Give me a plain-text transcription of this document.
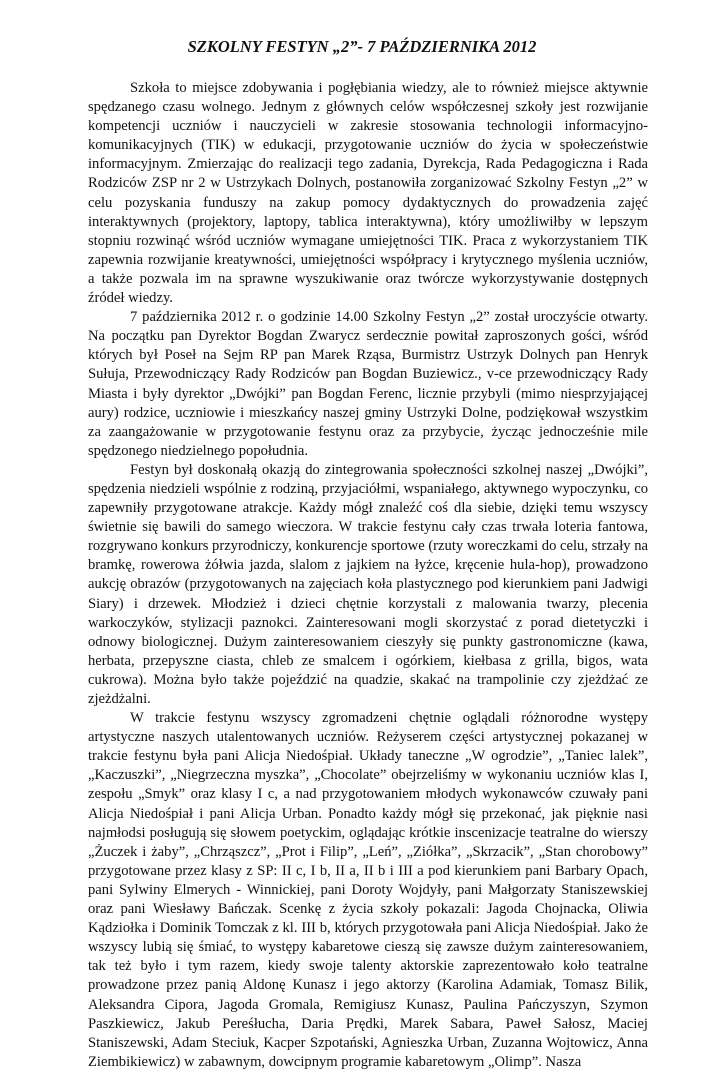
SZKOLNY FESTYN „2”- 7 PAŹDZIERNIKA 2012

Szkoła to miejsce zdobywania i pogłębiania wiedzy, ale to również miejsce aktywnie spędzanego czasu wolnego. Jednym z głównych celów współczesnej szkoły jest rozwijanie kompetencji uczniów i nauczycieli w zakresie stosowania technologii informacyjno-komunikacyjnych (TIK) w edukacji, przygotowanie uczniów do życia w społeczeństwie informacyjnym. Zmierzając do realizacji tego zadania, Dyrekcja, Rada Pedagogiczna i Rada Rodziców ZSP nr 2 w Ustrzykach Dolnych, postanowiła zorganizować Szkolny Festyn „2” w celu pozyskania funduszy na zakup pomocy dydaktycznych do prowadzenia zajęć interaktywnych (projektory, laptopy, tablica interaktywna), który umożliwiłby w lepszym stopniu rozwinąć wśród uczniów wymagane umiejętności TIK. Praca z wykorzystaniem TIK zapewnia rozwijanie kreatywności, umiejętności współpracy i krytycznego myślenia uczniów, a także pozwala im na sprawne wyszukiwanie oraz twórcze wykorzystywanie dostępnych źródeł wiedzy.

7 października 2012 r. o godzinie 14.00 Szkolny Festyn „2” został uroczyście otwarty. Na początku pan Dyrektor Bogdan Zwarycz serdecznie powitał zaproszonych gości, wśród których był Poseł na Sejm RP pan Marek Rząsa, Burmistrz Ustrzyk Dolnych pan Henryk Sułuja, Przewodniczący Rady Rodziców pan Bogdan Buziewicz., v-ce przewodniczący Rady Miasta i były dyrektor „Dwójki” pan Bogdan Ferenc, licznie przybyli (mimo niesprzyjającej aury) rodzice, uczniowie i mieszkańcy naszej gminy Ustrzyki Dolne, podziękował wszystkim za zaangażowanie w przygotowanie festynu oraz za przybycie, życząc jednocześnie mile spędzonego niedzielnego popołudnia.

Festyn był doskonałą okazją do zintegrowania społeczności szkolnej naszej „Dwójki”, spędzenia niedzieli wspólnie z rodziną, przyjaciółmi, wspaniałego, aktywnego wypoczynku, co zapewniły przygotowane atrakcje. Każdy mógł znaleźć coś dla siebie, dzięki temu wszyscy świetnie się bawili do samego wieczora. W trakcie festynu cały czas trwała loteria fantowa, rozgrywano konkurs przyrodniczy, konkurencje sportowe (rzuty woreczkami do celu, strzały na bramkę, rowerowa żółwia jazda, slalom z jajkiem na łyżce, kręcenie hula-hop), prowadzono aukcję obrazów (przygotowanych na zajęciach koła plastycznego pod kierunkiem pani Jadwigi Siary) i drzewek. Młodzież i dzieci chętnie korzystali z malowania twarzy, plecenia warkoczyków, stylizacji paznokci. Zainteresowani mogli skorzystać z porad dietetyczki i odnowy biologicznej. Dużym zainteresowaniem cieszyły się punkty gastronomiczne (kawa, herbata, przepyszne ciasta, chleb ze smalcem i ogórkiem, kiełbasa z grilla, bigos, wata cukrowa). Można było także pojeździć na quadzie, skakać na trampolinie czy zjeżdżać ze zjeżdżalni.

W trakcie festynu wszyscy zgromadzeni chętnie oglądali różnorodne występy artystyczne naszych utalentowanych uczniów. Reżyserem części artystycznej pokazanej w trakcie festynu była pani Alicja Niedośpiał. Układy taneczne „W ogrodzie”, „Taniec lalek”, „Kaczuszki”, „Niegrzeczna myszka”, „Chocolate” obejrzeliśmy w wykonaniu uczniów klas I, zespołu „Smyk” oraz klasy I c, a nad przygotowaniem młodych wykonawców czuwały pani Alicja Niedośpiał i pani Alicja Urban. Ponadto każdy mógł się przekonać, jak pięknie nasi najmłodsi posługują się słowem poetyckim, oglądając krótkie inscenizacje teatralne do wierszy „Żuczek i żaby”, „Chrząszcz”, „Prot i Filip”, „Leń”, „Ziółka”, „Skrzacik”, „Stan chorobowy” przygotowane przez klasy z SP: II c, I b, II a, II b i III a pod kierunkiem pani Barbary Opach, pani Sylwiny Elmerych - Winnickiej, pani Doroty Wojdyły, pani Małgorzaty Staniszewskiej oraz pani Wiesławy Bańczak. Scenkę z życia szkoły pokazali: Jagoda Chojnacka, Oliwia Kądziołka i Dominik Tomczak z kl. III b, których przygotowała pani Alicja Niedośpiał. Jako że wszyscy lubią się śmiać, to występy kabaretowe cieszą się zawsze dużym zainteresowaniem, tak też było i tym razem, kiedy swoje talenty aktorskie zaprezentowało koło teatralne prowadzone przez panią Aldonę Kunasz i jego aktorzy (Karolina Adamiak, Tomasz Bilik, Aleksandra Cipora, Jagoda Gromala, Remigiusz Kunasz, Paulina Pańczyszyn, Szymon Paszkiewicz, Jakub Pereśłucha, Daria Prędki, Marek Sabara, Paweł Sałosz, Maciej Staniszewski, Adam Steciuk, Kacper Szpotański, Agnieszka Urban, Zuzanna Wojtowicz, Anna Ziembikiewicz) w zabawnym, dowcipnym programie kabaretowym „Olimp”. Nasza
